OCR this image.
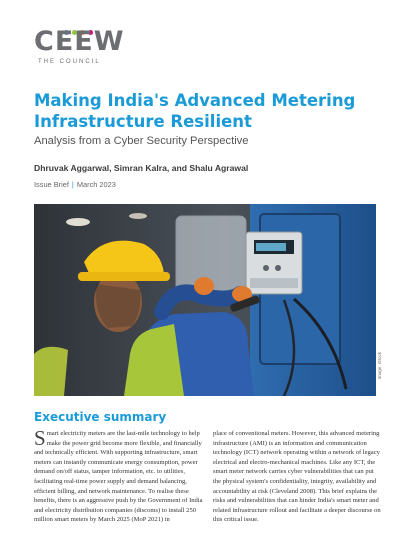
CEEW
THE COUNCIL
Making India's Advanced Metering Infrastructure Resilient
Analysis from a Cyber Security Perspective
Dhruvak Aggarwal, Simran Kalra, and Shalu Agrawal
Issue Brief | March 2023
Image: iStock
Executive summary

Smart electricity meters are the last-mile technology to help make the power grid become more flexible, and financially and technically efficient. With supporting infrastructure, smart meters can instantly communicate energy consumption, power demand on/off status, tamper information, etc. to utilities, facilitating real-time power supply and demand balancing, efficient billing, and network maintenance. To realise these benefits, there is an aggressive push by the Government of India and electricity distribution companies (discoms) to install 250 million smart meters by March 2025 (MoP 2021) in

place of conventional meters. However, this advanced metering infrastructure (AMI) is an information and communication technology (ICT) network operating within a network of legacy electrical and electro-mechanical machines. Like any ICT, the smart meter network carries cyber vulnerabilities that can put the physical system's confidentiality, integrity, availability and accountability at risk (Cleveland 2008). This brief explains the risks and vulnerabilities that can hinder India's smart meter and related infrastructure rollout and facilitate a deeper discourse on this critical issue.
